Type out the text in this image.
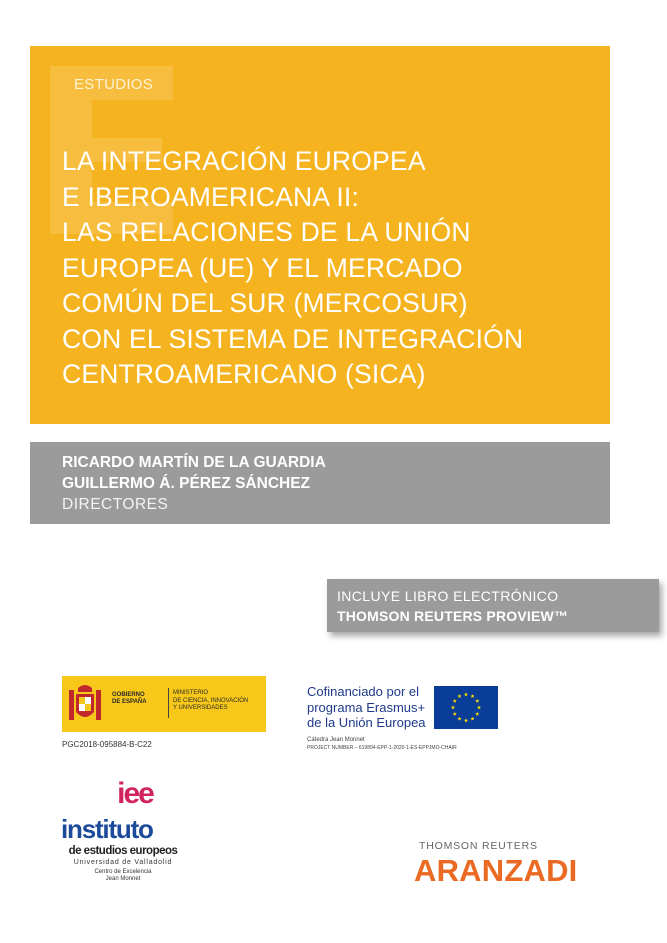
ESTUDIOS
LA INTEGRACIÓN EUROPEA
E IBEROAMERICANA II:
LAS RELACIONES DE LA UNIÓN
EUROPEA (UE) Y EL MERCADO
COMÚN DEL SUR (MERCOSUR)
CON EL SISTEMA DE INTEGRACIÓN
CENTROAMERICANO (SICA)
RICARDO MARTÍN DE LA GUARDIA
GUILLERMO Á. PÉREZ SÁNCHEZ
DIRECTORES
INCLUYE LIBRO ELECTRÓNICO
THOMSON REUTERS PROVIEW™
GOBIERNO
DE ESPAÑA
MINISTERIO
DE CIENCIA, INNOVACIÓN
Y UNIVERSIDADES
PGC2018-095884-B-C22
Cofinanciado por el
programa Erasmus+
de la Unión Europea
Cátedra Jean Monnet
PROJECT NUMBER – 619894-EPP-1-2020-1-ES-EPPJMO-CHAIR
iee
instituto
de estudios europeos
Universidad de Valladolid
Centro de Excelencia
Jean Monnet
THOMSON REUTERS
ARANZADI
